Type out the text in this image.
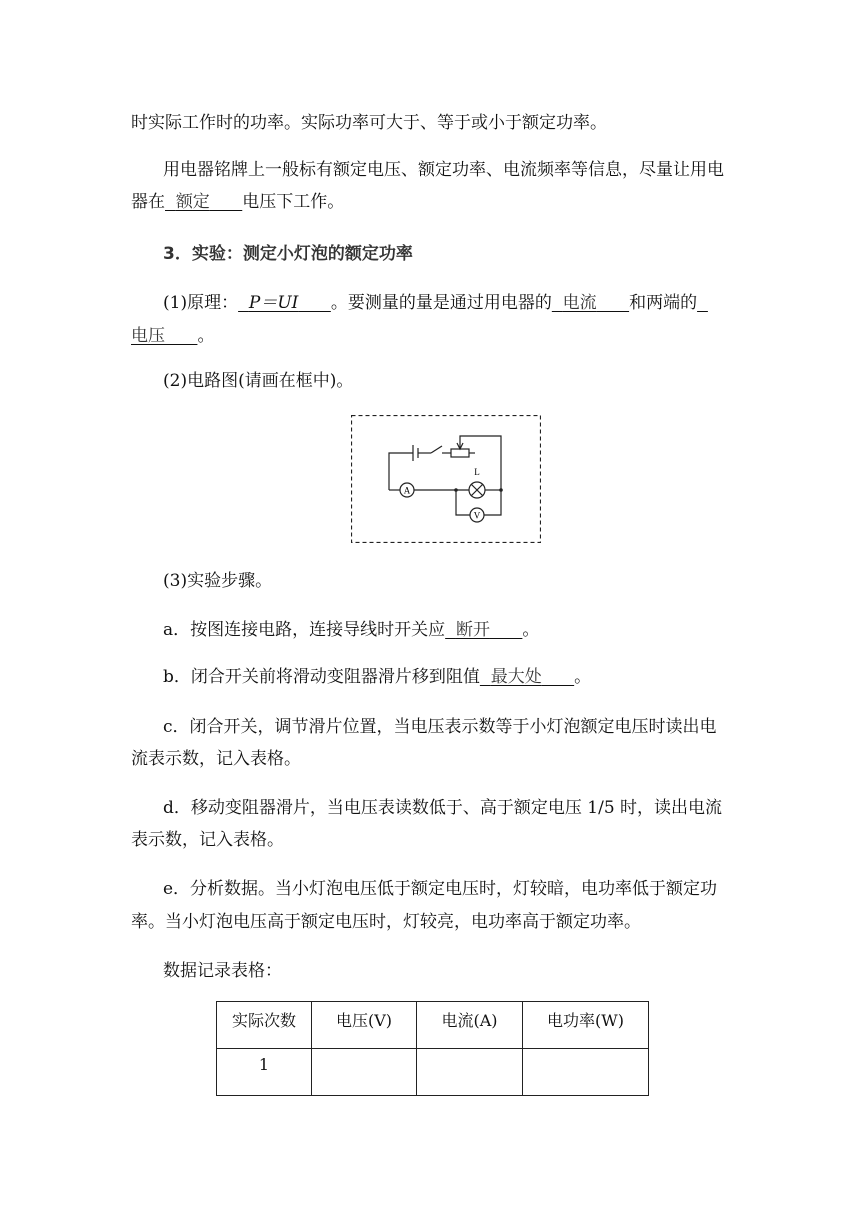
时实际工作时的功率。实际功率可大于、等于或小于额定功率。
用电器铭牌上一般标有额定电压、额定功率、电流频率等信息，尽量让用电
器在 额定 电压下工作。
3．实验：测定小灯泡的额定功率
(1)原理： P＝UI 。要测量的量是通过用电器的 电流 和两端的
电压 。
(2)电路图(请画在框中)。
A
V
L
(3)实验步骤。
a．按图连接电路，连接导线时开关应 断开 。
b．闭合开关前将滑动变阻器滑片移到阻值 最大处 。
c．闭合开关，调节滑片位置，当电压表示数等于小灯泡额定电压时读出电
流表示数，记入表格。
d．移动变阻器滑片，当电压表读数低于、高于额定电压 1/5 时，读出电流
表示数，记入表格。
e．分析数据。当小灯泡电压低于额定电压时，灯较暗，电功率低于额定功
率。当小灯泡电压高于额定电压时，灯较亮，电功率高于额定功率。
数据记录表格：
实际次数	电压(V)	电流(A)	电功率(W)
1			
